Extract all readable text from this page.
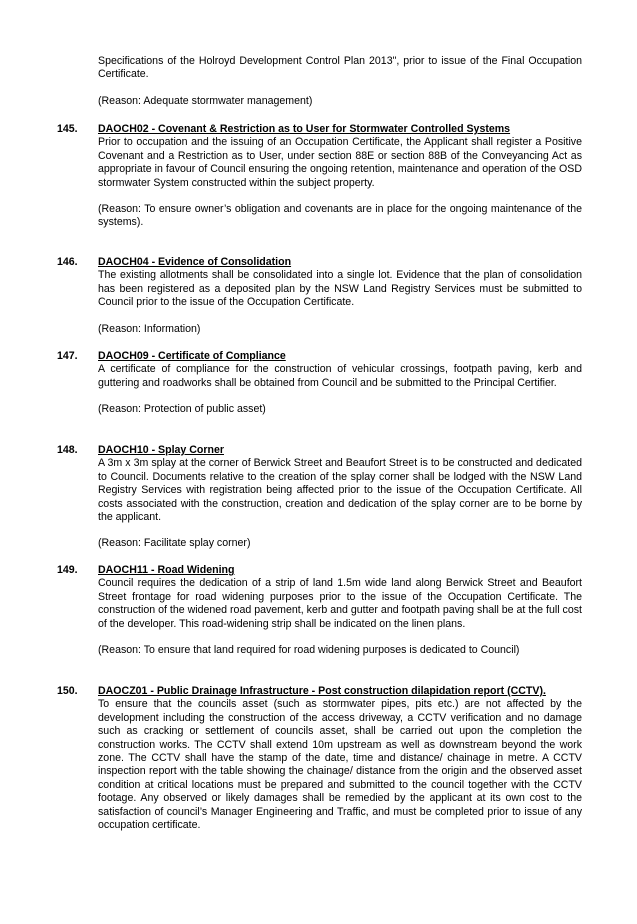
Specifications of the Holroyd Development Control Plan 2013", prior to issue of the Final Occupation Certificate.

(Reason: Adequate stormwater management)

145. DAOCH02 - Covenant & Restriction as to User for Stormwater Controlled Systems

Prior to occupation and the issuing of an Occupation Certificate, the Applicant shall register a Positive Covenant and a Restriction as to User, under section 88E or section 88B of the Conveyancing Act as appropriate in favour of Council ensuring the ongoing retention, maintenance and operation of the OSD stormwater System constructed within the subject property.

(Reason: To ensure owner’s obligation and covenants are in place for the ongoing maintenance of the systems).

146. DAOCH04 - Evidence of Consolidation

The existing allotments shall be consolidated into a single lot. Evidence that the plan of consolidation has been registered as a deposited plan by the NSW Land Registry Services must be submitted to Council prior to the issue of the Occupation Certificate.

(Reason: Information)

147. DAOCH09 - Certificate of Compliance

A certificate of compliance for the construction of vehicular crossings, footpath paving, kerb and guttering and roadworks shall be obtained from Council and be submitted to the Principal Certifier.

(Reason: Protection of public asset)

148. DAOCH10 - Splay Corner

A 3m x 3m splay at the corner of Berwick Street and Beaufort Street is to be constructed and dedicated to Council. Documents relative to the creation of the splay corner shall be lodged with the NSW Land Registry Services with registration being affected prior to the issue of the Occupation Certificate. All costs associated with the construction, creation and dedication of the splay corner are to be borne by the applicant.

(Reason: Facilitate splay corner)

149. DAOCH11 - Road Widening

Council requires the dedication of a strip of land 1.5m wide land along Berwick Street and Beaufort Street frontage for road widening purposes prior to the issue of the Occupation Certificate. The construction of the widened road pavement, kerb and gutter and footpath paving shall be at the full cost of the developer. This road-widening strip shall be indicated on the linen plans.

(Reason: To ensure that land required for road widening purposes is dedicated to Council)

150. DAOCZ01 - Public Drainage Infrastructure - Post construction dilapidation report (CCTV).

To ensure that the councils asset (such as stormwater pipes, pits etc.) are not affected by the development including the construction of the access driveway, a CCTV verification and no damage such as cracking or settlement of councils asset, shall be carried out upon the completion the construction works. The CCTV shall extend 10m upstream as well as downstream beyond the work zone. The CCTV shall have the stamp of the date, time and distance/ chainage in metre. A CCTV inspection report with the table showing the chainage/ distance from the origin and the observed asset condition at critical locations must be prepared and submitted to the council together with the CCTV footage. Any observed or likely damages shall be remedied by the applicant at its own cost to the satisfaction of council’s Manager Engineering and Traffic, and must be completed prior to issue of any occupation certificate.
